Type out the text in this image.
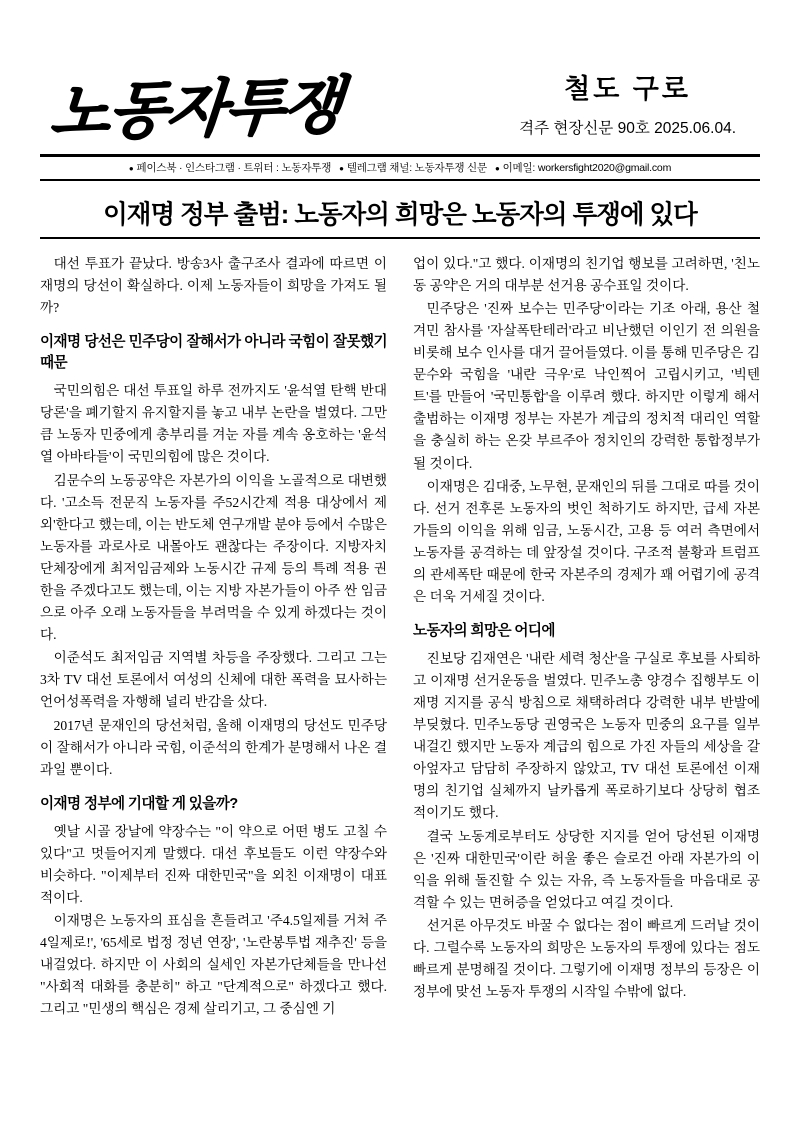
노동자투쟁	철도 구로
격주 현장신문 90호 2025.06.04.
● 페이스북 · 인스타그램 · 트위터 : 노동자투쟁 ● 텔레그램 채널: 노동자투쟁 신문 ● 이메일: workersfight2020@gmail.com
이재명 정부 출범: 노동자의 희망은 노동자의 투쟁에 있다

대선 투표가 끝났다. 방송3사 출구조사 결과에 따르면 이재명의 당선이 확실하다. 이제 노동자들이 희망을 가져도 될까?

이재명 당선은 민주당이 잘해서가 아니라 국힘이 잘못했기 때문

국민의힘은 대선 투표일 하루 전까지도 '윤석열 탄핵 반대 당론'을 폐기할지 유지할지를 놓고 내부 논란을 벌였다. 그만큼 노동자 민중에게 총부리를 겨눈 자를 계속 옹호하는 '윤석열 아바타들'이 국민의힘에 많은 것이다.

김문수의 노동공약은 자본가의 이익을 노골적으로 대변했다. '고소득 전문직 노동자를 주52시간제 적용 대상에서 제외'한다고 했는데, 이는 반도체 연구개발 분야 등에서 수많은 노동자를 과로사로 내몰아도 괜찮다는 주장이다. 지방자치단체장에게 최저임금제와 노동시간 규제 등의 특례 적용 권한을 주겠다고도 했는데, 이는 지방 자본가들이 아주 싼 임금으로 아주 오래 노동자들을 부려먹을 수 있게 하겠다는 것이다.

이준석도 최저임금 지역별 차등을 주장했다. 그리고 그는 3차 TV 대선 토론에서 여성의 신체에 대한 폭력을 묘사하는 언어성폭력을 자행해 널리 반감을 샀다.

2017년 문재인의 당선처럼, 올해 이재명의 당선도 민주당이 잘해서가 아니라 국힘, 이준석의 한계가 분명해서 나온 결과일 뿐이다.

이재명 정부에 기대할 게 있을까?

옛날 시골 장날에 약장수는 "이 약으로 어떤 병도 고칠 수 있다"고 멋들어지게 말했다. 대선 후보들도 이런 약장수와 비슷하다. "이제부터 진짜 대한민국"을 외친 이재명이 대표적이다.

이재명은 노동자의 표심을 흔들려고 '주4.5일제를 거쳐 주4일제로!', '65세로 법정 정년 연장', '노란봉투법 재추진' 등을 내걸었다. 하지만 이 사회의 실세인 자본가단체들을 만나선 "사회적 대화를 충분히" 하고 "단계적으로" 하겠다고 했다. 그리고 "민생의 핵심은 경제 살리기고, 그 중심엔 기

업이 있다."고 했다. 이재명의 친기업 행보를 고려하면, '친노동 공약'은 거의 대부분 선거용 공수표일 것이다.

민주당은 '진짜 보수는 민주당'이라는 기조 아래, 용산 철겨민 참사를 '자살폭탄테러'라고 비난했던 이인기 전 의원을 비롯해 보수 인사를 대거 끌어들였다. 이를 통해 민주당은 김문수와 국힘을 '내란 극우'로 낙인찍어 고립시키고, '빅텐트'를 만들어 '국민통합'을 이루려 했다. 하지만 이렇게 해서 출범하는 이재명 정부는 자본가 계급의 정치적 대리인 역할을 충실히 하는 온갖 부르주아 정치인의 강력한 통합정부가 될 것이다.

이재명은 김대중, 노무현, 문재인의 뒤를 그대로 따를 것이다. 선거 전후론 노동자의 벗인 척하기도 하지만, 급세 자본가들의 이익을 위해 임금, 노동시간, 고용 등 여러 측면에서 노동자를 공격하는 데 앞장설 것이다. 구조적 불황과 트럼프의 관세폭탄 때문에 한국 자본주의 경제가 꽤 어렵기에 공격은 더욱 거세질 것이다.

노동자의 희망은 어디에

진보당 김재연은 '내란 세력 청산'을 구실로 후보를 사퇴하고 이재명 선거운동을 벌였다. 민주노총 양경수 집행부도 이재명 지지를 공식 방침으로 채택하려다 강력한 내부 반발에 부딪혔다. 민주노동당 권영국은 노동자 민중의 요구를 일부 내걸긴 했지만 노동자 계급의 힘으로 가진 자들의 세상을 갈아엎자고 담담히 주장하지 않았고, TV 대선 토론에선 이재명의 친기업 실체까지 날카롭게 폭로하기보다 상당히 협조적이기도 했다.

결국 노동계로부터도 상당한 지지를 얻어 당선된 이재명은 '진짜 대한민국'이란 허울 좋은 슬로건 아래 자본가의 이익을 위해 돌진할 수 있는 자유, 즉 노동자들을 마음대로 공격할 수 있는 면허증을 얻었다고 여길 것이다.

선거론 아무것도 바꿀 수 없다는 점이 빠르게 드러날 것이다. 그럴수록 노동자의 희망은 노동자의 투쟁에 있다는 점도 빠르게 분명해질 것이다. 그렇기에 이재명 정부의 등장은 이 정부에 맞선 노동자 투쟁의 시작일 수밖에 없다.
